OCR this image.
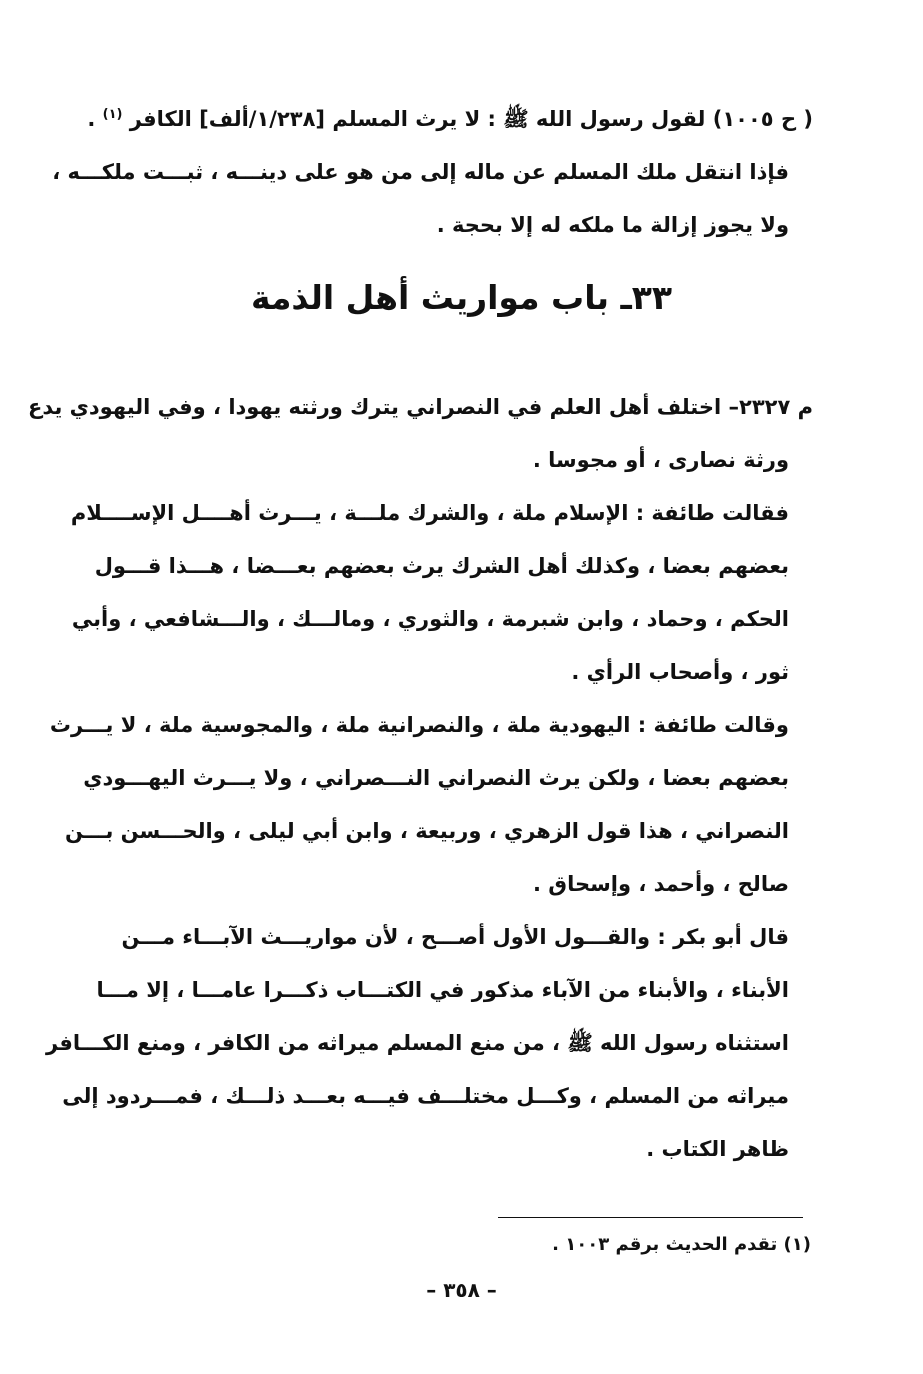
( ح ١٠٠٥) لقول رسول الله ﷺ : لا يرث المسلم [١/٢٣٨/ألف] الكافر $^{(١)}$ .
فإذا انتقل ملك المسلم عن ماله إلى من هو على دينـــه ، ثبـــت ملكـــه ،
ولا يجوز إزالة ما ملكه له إلا بحجة .
٣٣ـ باب مواريث أهل الذمة
م ٢٣٢٧– اختلف أهل العلم في النصراني يترك ورثته يهودا ، وفي اليهودي يدع
ورثة نصارى ، أو مجوسا .
فقالت طائفة : الإسلام ملة ، والشرك ملـــة ، يـــرث أهــــل الإســــلام
بعضهم بعضا ، وكذلك أهل الشرك يرث بعضهم بعـــضا ، هـــذا قـــول
الحكم ، وحماد ، وابن شبرمة ، والثوري ، ومالـــك ، والـــشافعي ، وأبي
ثور ، وأصحاب الرأي .
وقالت طائفة : اليهودية ملة ، والنصرانية ملة ، والمجوسية ملة ، لا يـــرث
بعضهم بعضا ، ولكن يرث النصراني النـــصراني ، ولا يـــرث اليهـــودي
النصراني ، هذا قول الزهري ، وربيعة ، وابن أبي ليلى ، والحـــسن بـــن
صالح ، وأحمد ، وإسحاق .
قال أبو بكر : والقـــول الأول أصـــح ، لأن مواريـــث الآبـــاء مـــن
الأبناء ، والأبناء من الآباء مذكور في الكتـــاب ذكـــرا عامـــا ، إلا مـــا
استثناه رسول الله ﷺ ، من منع المسلم ميراثه من الكافر ، ومنع الكـــافر
ميراثه من المسلم ، وكـــل مختلـــف فيـــه بعـــد ذلـــك ، فمـــردود إلى
ظاهر الكتاب .
(١) تقدم الحديث برقم ١٠٠٣ .
– ٣٥٨ –
